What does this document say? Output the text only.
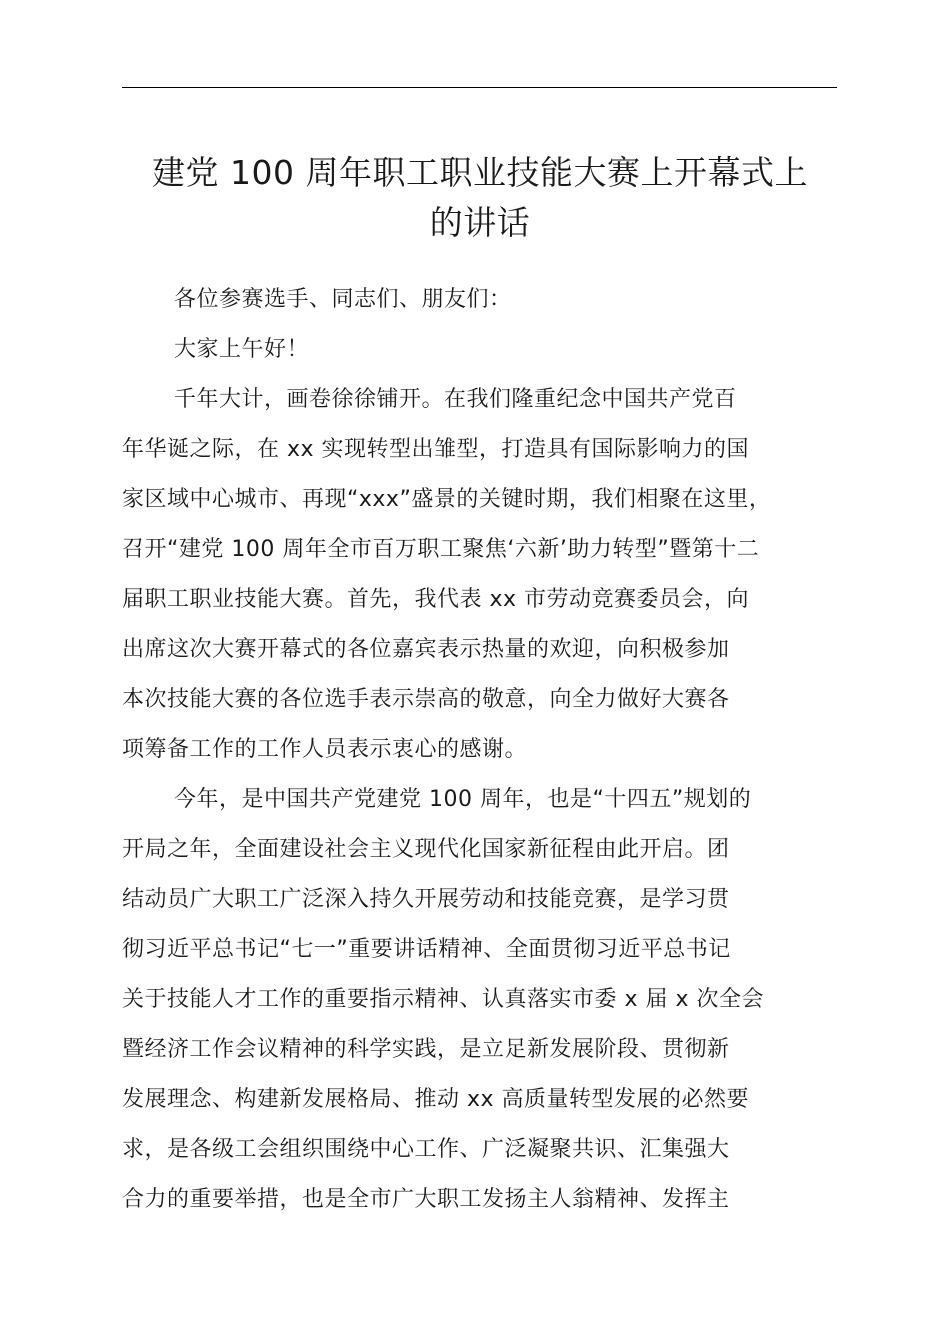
建党 100 周年职工职业技能大赛上开幕式上
的讲话

各位参赛选手、同志们、朋友们：

大家上午好！

千年大计，画卷徐徐铺开。在我们隆重纪念中国共产党百
年华诞之际，在 xx 实现转型出雏型，打造具有国际影响力的国
家区域中心城市、再现“xxx”盛景的关键时期，我们相聚在这里，
召开“建党 100 周年全市百万职工聚焦‘六新’助力转型”暨第十二
届职工职业技能大赛。首先，我代表 xx 市劳动竞赛委员会，向
出席这次大赛开幕式的各位嘉宾表示热量的欢迎，向积极参加
本次技能大赛的各位选手表示崇高的敬意，向全力做好大赛各
项筹备工作的工作人员表示衷心的感谢。

今年，是中国共产党建党 100 周年，也是“十四五”规划的
开局之年，全面建设社会主义现代化国家新征程由此开启。团
结动员广大职工广泛深入持久开展劳动和技能竞赛，是学习贯
彻习近平总书记“七一”重要讲话精神、全面贯彻习近平总书记
关于技能人才工作的重要指示精神、认真落实市委 x 届 x 次全会
暨经济工作会议精神的科学实践，是立足新发展阶段、贯彻新
发展理念、构建新发展格局、推动 xx 高质量转型发展的必然要
求，是各级工会组织围绕中心工作、广泛凝聚共识、汇集强大
合力的重要举措，也是全市广大职工发扬主人翁精神、发挥主
